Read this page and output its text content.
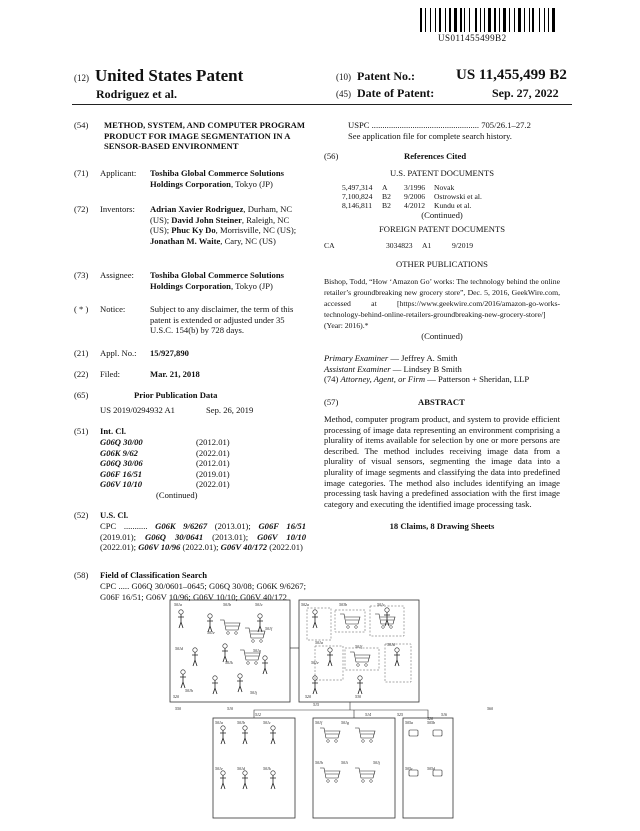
US011455499B2
(12) United States Patent
Rodriguez et al.
(10) Patent No.:	US 11,455,499 B2
(45) Date of Patent:	Sep. 27, 2022
(54) METHOD, SYSTEM, AND COMPUTER PROGRAM PRODUCT FOR IMAGE SEGMENTATION IN A SENSOR-BASED ENVIRONMENT
(71) Applicant: Toshiba Global Commerce Solutions Holdings Corporation, Tokyo (JP)
(72) Inventors: Adrian Xavier Rodriguez, Durham, NC (US); David John Steiner, Raleigh, NC (US); Phuc Ky Do, Morrisville, NC (US); Jonathan M. Waite, Cary, NC (US)
(73) Assignee: Toshiba Global Commerce Solutions Holdings Corporation, Tokyo (JP)
( * ) Notice:	Subject to any disclaimer, the term of this patent is extended or adjusted under 35 U.S.C. 154(b) by 728 days.
(21) Appl. No.: 15/927,890
(22) Filed:	Mar. 21, 2018
(65)	Prior Publication Data
US 2019/0294932 A1	Sep. 26, 2019
(51) Int. Cl.
G06Q 30/00	(2012.01)
G06K 9/62	(2022.01)
G06Q 30/06	(2012.01)
G06F 16/51	(2019.01)
G06V 10/10	(2022.01)
(Continued)
(52) U.S. Cl.
CPC ........... G06K 9/6267 (2013.01); G06F 16/51 (2019.01); G06Q 30/0641 (2013.01); G06V 10/10 (2022.01); G06V 10/96 (2022.01); G06V 40/172 (2022.01)
(58) Field of Classification Search
CPC ..... G06Q 30/0601–0645; G06Q 30/08; G06K 9/6267; G06F 16/51; G06V 10/96; G06V 10/10; G06V 40/172
USPC .................................................. 705/26.1–27.2
See application file for complete search history.
(56)	References Cited
U.S. PATENT DOCUMENTS
5,497,314 A 3/1996 Novak
7,100,824 B2 9/2006 Ostrowski et al.
8,146,811 B2 4/2012 Kundu et al.
(Continued)
FOREIGN PATENT DOCUMENTS
CA	3034823 A1	9/2019
OTHER PUBLICATIONS
Bishop, Todd, “How ‘Amazon Go’ works: The technology behind the online retailer’s groundbreaking new grocery store”, Dec. 5, 2016, GeekWire.com, accessed at [https://www.geekwire.com/2016/amazon-go-works-technology-behind-online-retailers-groundbreaking-new-grocery-store/] (Year: 2016).*
(Continued)
Primary Examiner — Jeffrey A. Smith
Assistant Examiner — Lindsey B Smith
(74) Attorney, Agent, or Firm — Patterson + Sheridan, LLP
(57)	ABSTRACT
Method, computer program product, and system to provide efficient processing of image data representing an environment comprising a plurality of items available for selection by one or more persons are described. The method includes receiving image data from a plurality of visual sensors, segmenting the image data into a plurality of image segments and classifying the data into predefined image categories. The method also includes identifying an image processing task having a predefined association with the first image category and executing the identified image processing task.
18 Claims, 8 Drawing Sheets
501a	501b	501c
501f
501e
501d	501g
501h
501k
501j
502a	503b	501c
501a
501f	501d
501e
501a	501b	501c
501e	501d	501k
501f	501g
501h	501i	501j
505a	505b
505c	505d
550	510
515
560
512	514	516
520	520	530
525
526
